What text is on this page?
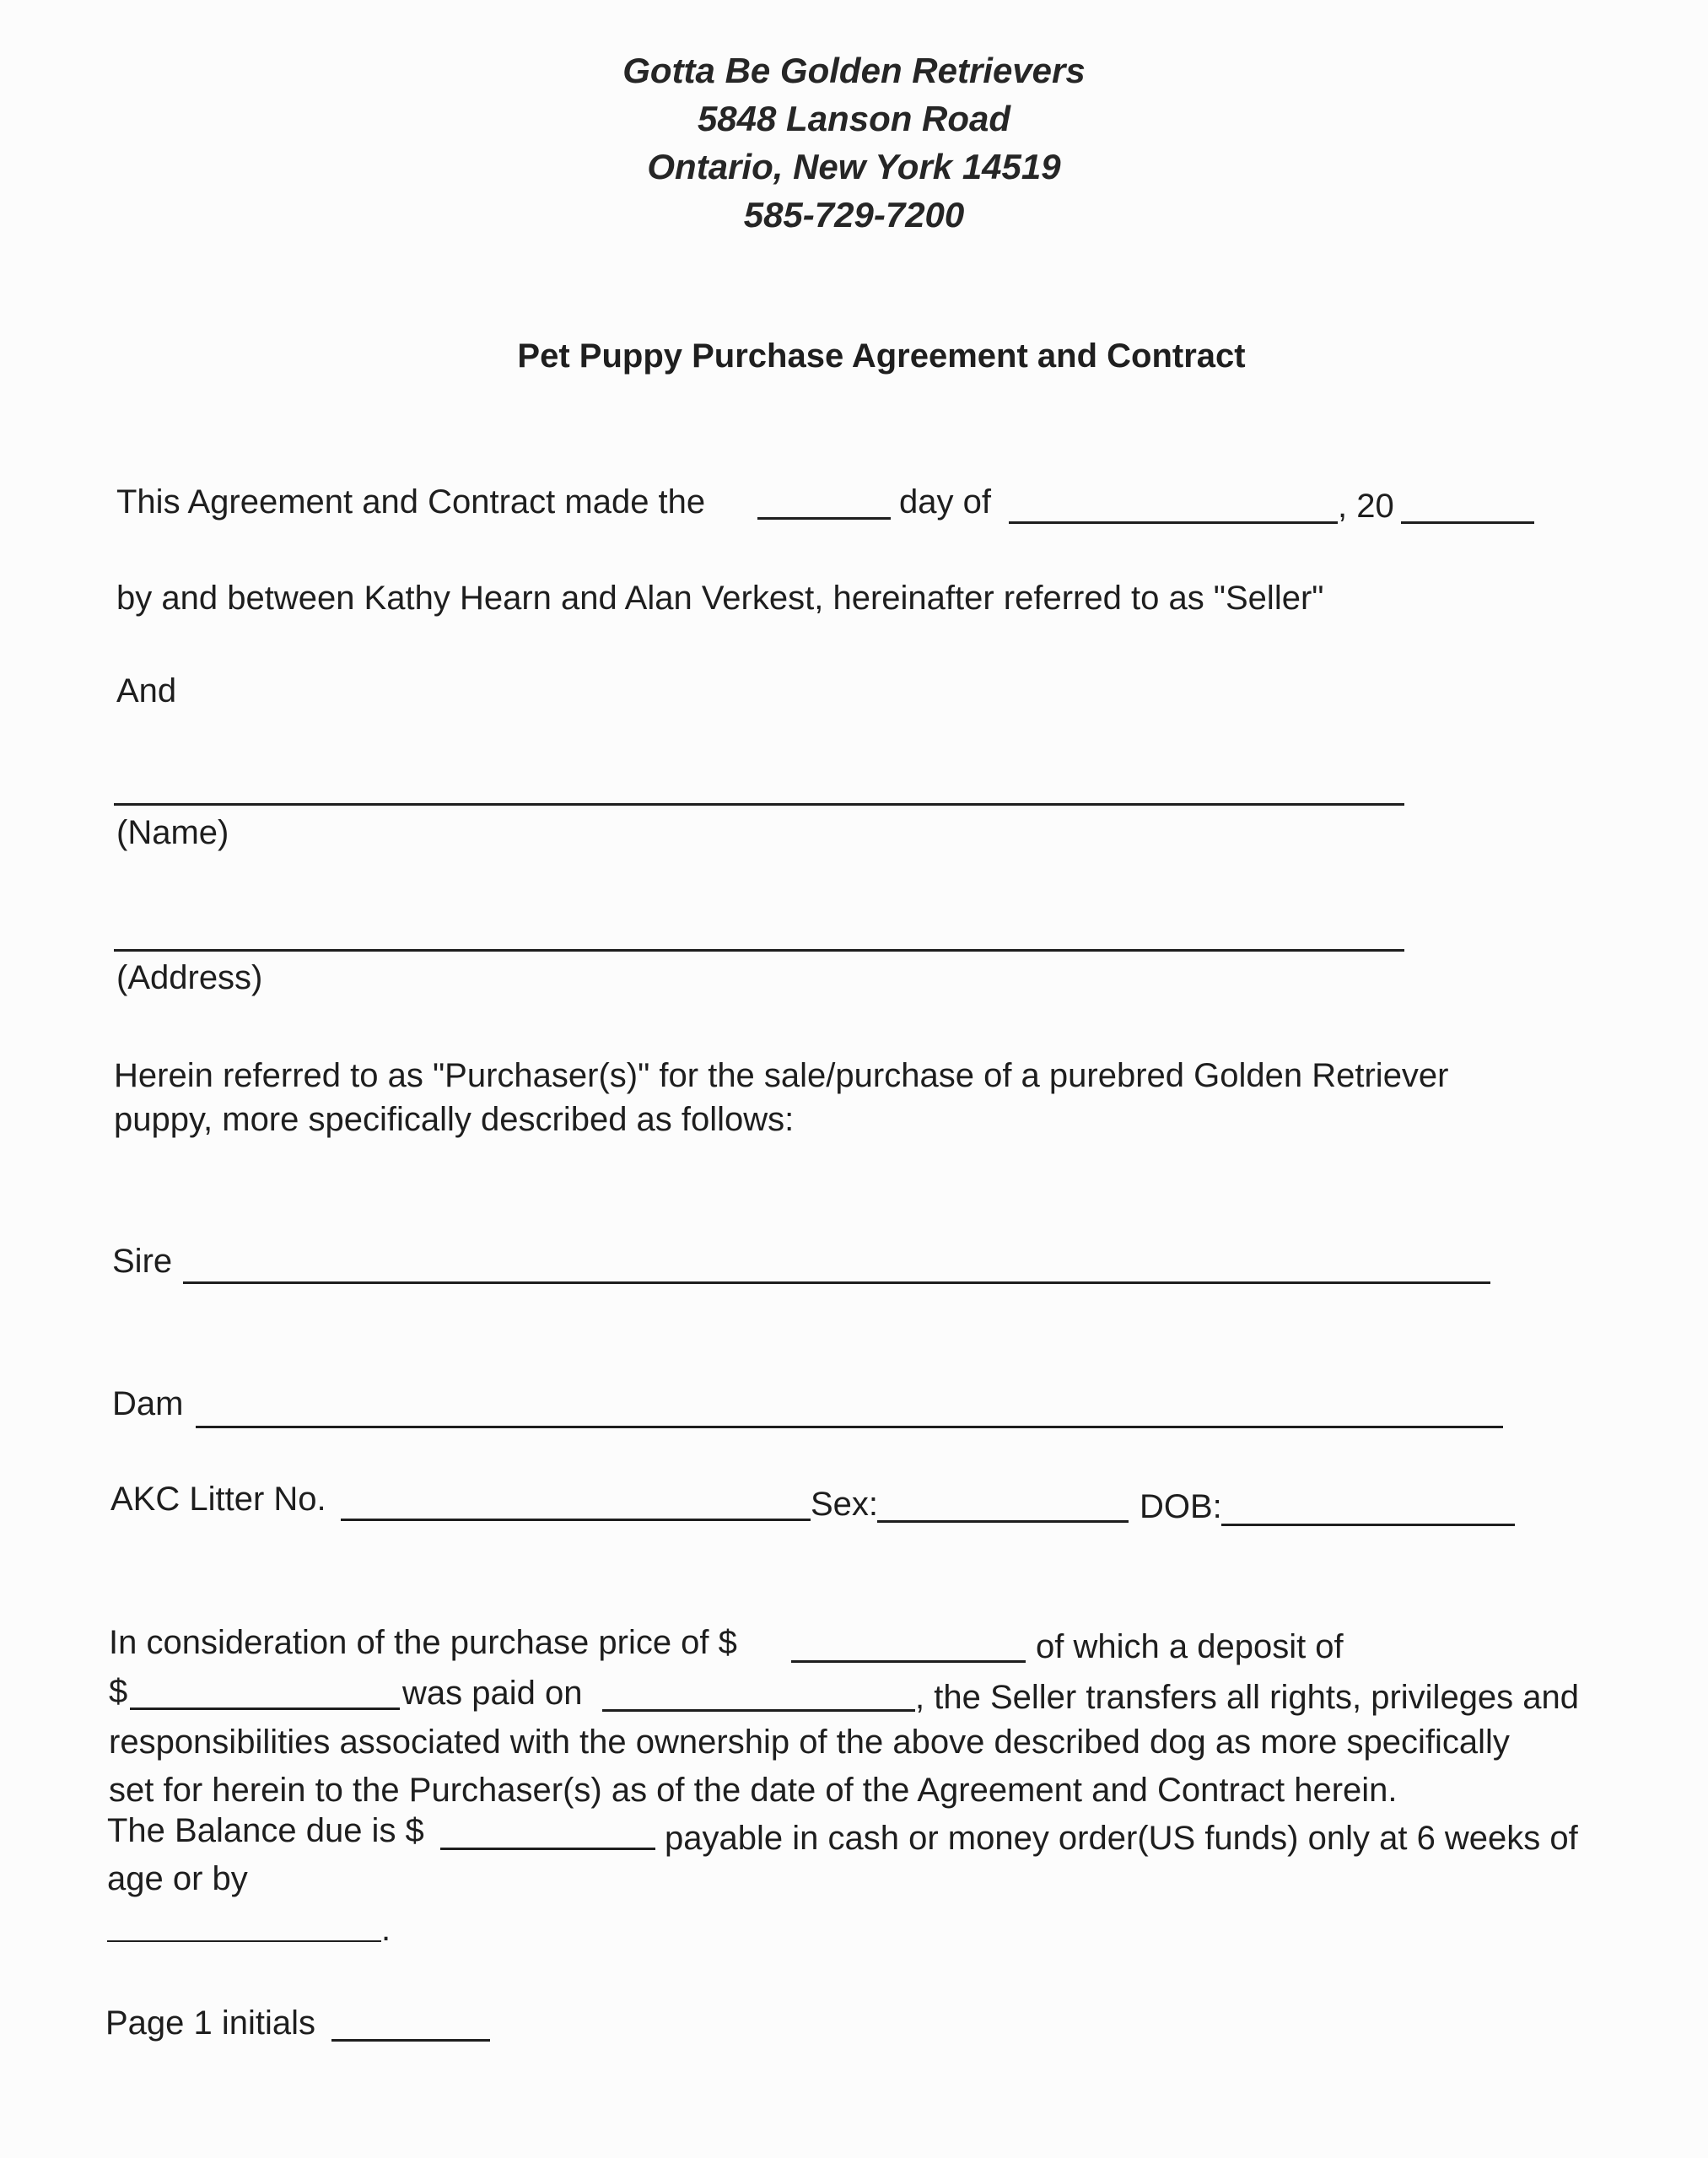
Gotta Be Golden Retrievers
5848 Lanson Road
Ontario, New York 14519
585-729-7200
Pet Puppy Purchase Agreement and Contract
This Agreement and Contract made the	day of	, 20
by and between Kathy Hearn and Alan Verkest, hereinafter referred to as "Seller"
And
(Name)
(Address)
Herein referred to as "Purchaser(s)" for the sale/purchase of a purebred Golden Retriever
puppy, more specifically described as follows:
Sire
Dam
AKC Litter No.	Sex:	DOB:
In consideration of the purchase price of $	of which a deposit of
$	was paid on	, the Seller transfers all rights, privileges and
responsibilities associated with the ownership of the above described dog as more specifically
set for herein to the Purchaser(s) as of the date of the Agreement and Contract herein.
The Balance due is $	payable in cash or money order(US funds) only at 6 weeks of
age or by
.
Page 1 initials
